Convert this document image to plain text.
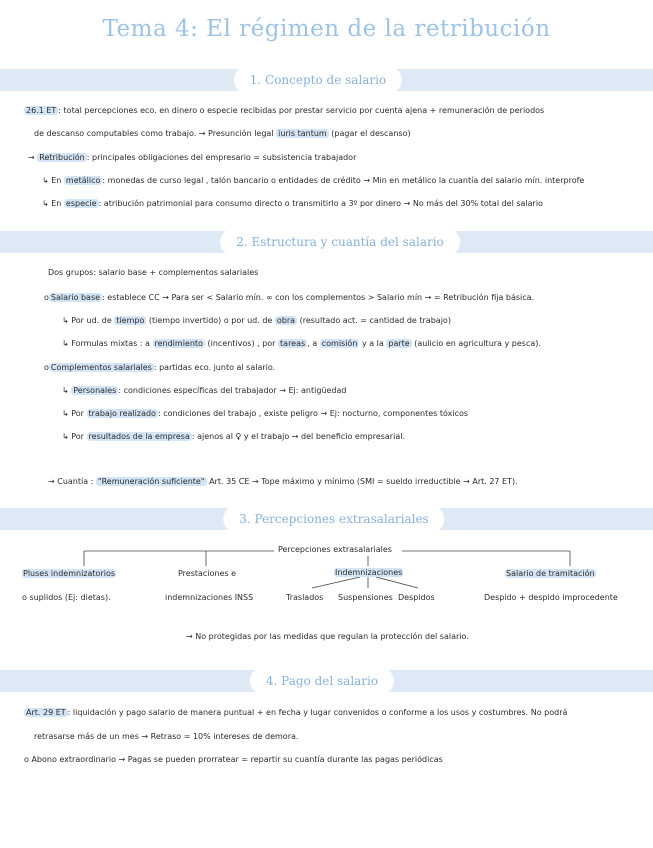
Tema 4: El régimen de la retribución
1. Concepto de salario
26.1 ET : total percepciones eco. en dinero o especie recibidas por prestar servicio por cuenta ajena + remuneración de periodos
de descanso computables como trabajo. → Presunción legal iuris tantum (pagar el descanso)
→ Retribución : principales obligaciones del empresario = subsistencia trabajador
↳ En metálico : monedas de curso legal , talón bancario o entidades de crédito → Min en metálico la cuantía del salario mín. interprofe
↳ En especie : atribución patrimonial para consumo directo o transmitirlo a 3º por dinero → No más del 30% total del salario
2. Estructura y cuantía del salario
Dos grupos: salario base + complementos salariales
o Salario base : establece CC → Para ser < Salario mín. ∞ con los complementos > Salario mín → = Retribución fija básica.
↳ Por ud. de tiempo (tiempo invertido) o por ud. de obra (resultado act. = cantidad de trabajo)
↳ Formulas mixtas : a rendimiento (incentivos) , por tareas , a comisión y a la parte (aulicio en agricultura y pesca).
o Complementos salariales : partidas eco. junto al salario.
↳ Personales : condiciones específicas del trabajador → Ej: antigüedad
↳ Por trabajo realizado : condiciones del trabajo , existe peligro → Ej: nocturno, componentes tóxicos
↳ Por resultados de la empresa : ajenos al ♀ y el trabajo → del beneficio empresarial.
→ Cuantía : "Remuneración suficiente" Art. 35 CE → Tope máximo y mínimo (SMI = sueldo irreductible → Art. 27 ET).
3. Percepciones extrasalariales
Percepciones extrasalariales
Pluses indemnizatorios
o suplidos (Ej: dietas).
Prestaciones e
indemnizaciones INSS
Indemnizaciones
Traslados Suspensiones Despidos
Salario de tramitación
Despido + despido improcedente
→ No protegidas por las medidas que regulan la protección del salario.
4. Pago del salario
Art. 29 ET : liquidación y pago salario de manera puntual + en fecha y lugar convenidos o conforme a los usos y costumbres. No podrá
retrasarse más de un mes → Retraso = 10% intereses de demora.
o Abono extraordinario → Pagas se pueden prorratear = repartir su cuantía durante las pagas periódicas
